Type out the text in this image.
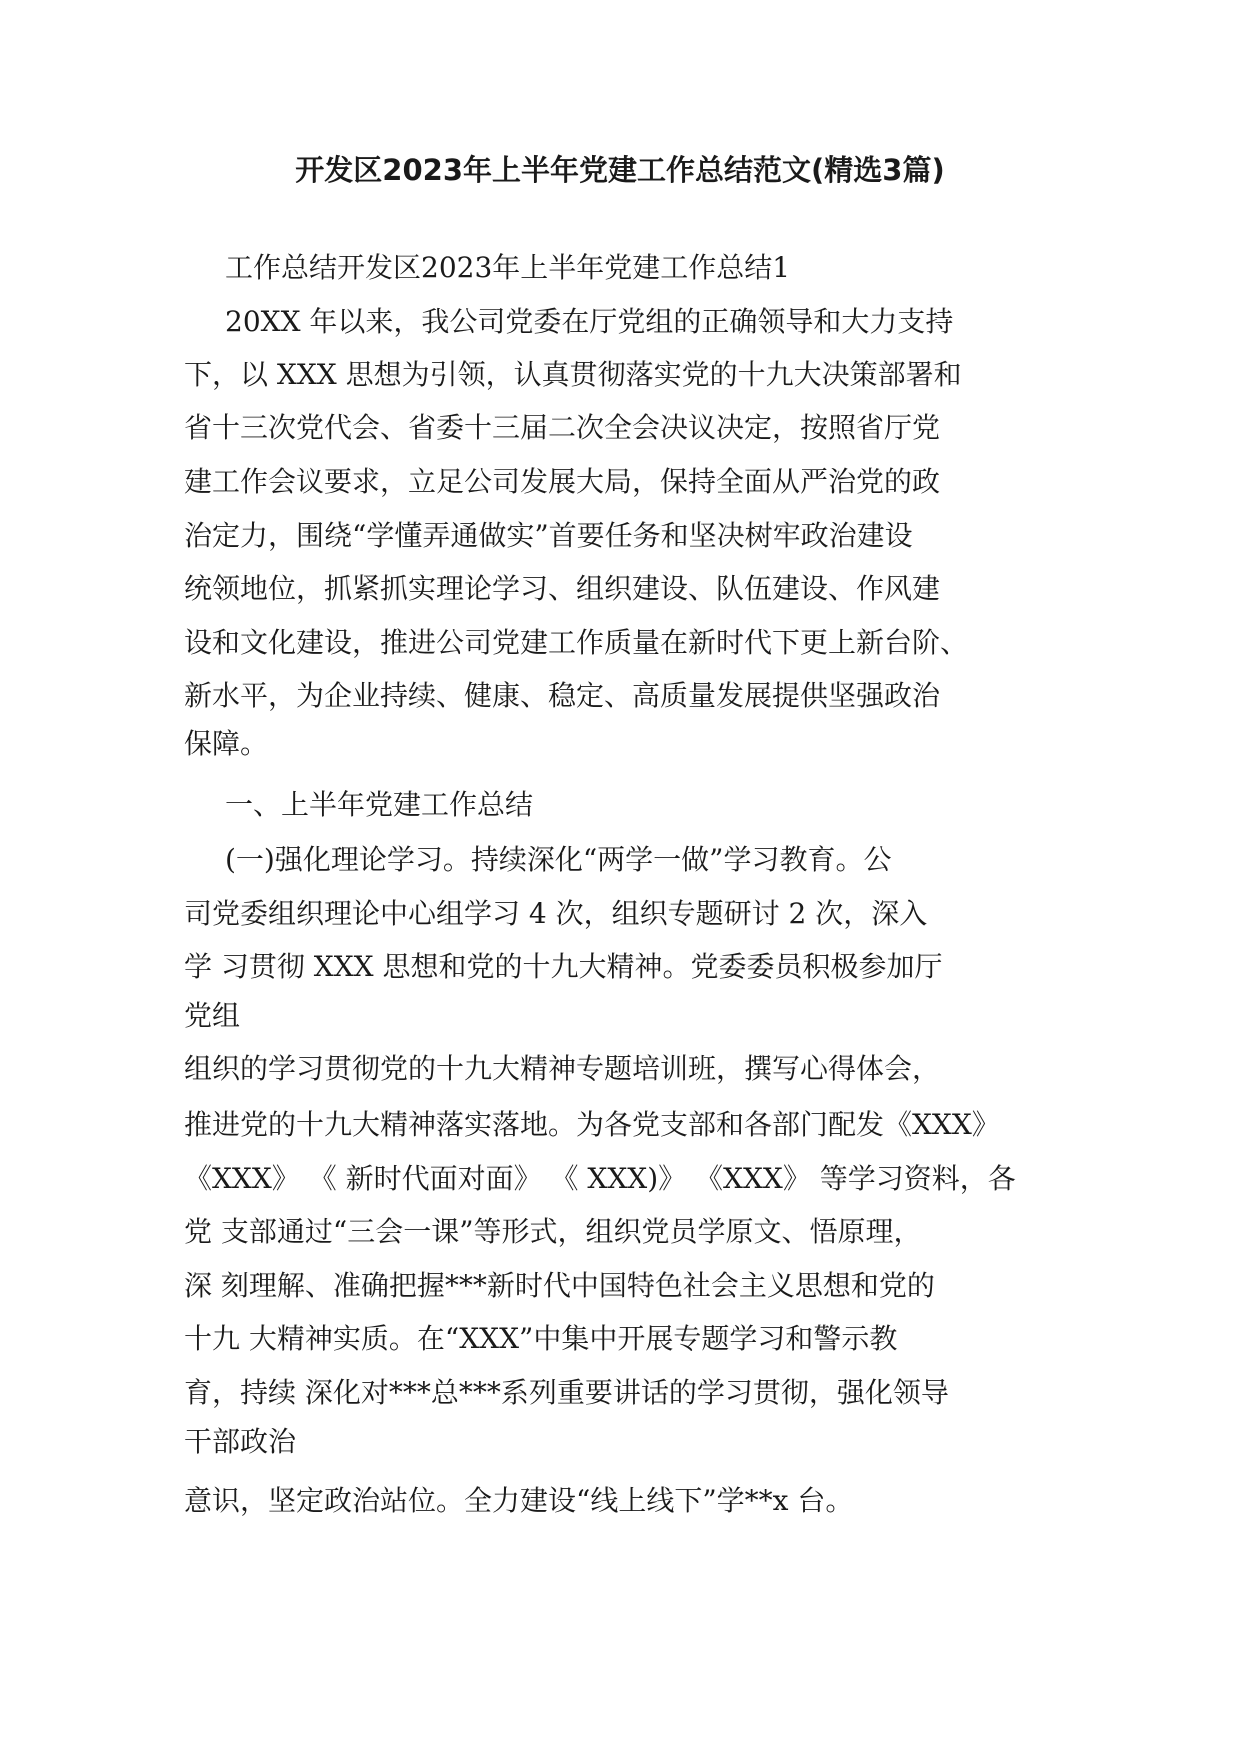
开发区2023年上半年党建工作总结范文(精选3篇)
工作总结开发区2023年上半年党建工作总结1
20XX 年以来，我公司党委在厅党组的正确领导和大力支持
下，以 XXX 思想为引领，认真贯彻落实党的十九大决策部署和
省十三次党代会、省委十三届二次全会决议决定，按照省厅党
建工作会议要求，立足公司发展大局，保持全面从严治党的政
治定力，围绕“学懂弄通做实”首要任务和坚决树牢政治建设
统领地位，抓紧抓实理论学习、组织建设、队伍建设、作风建
设和文化建设，推进公司党建工作质量在新时代下更上新台阶、
新水平，为企业持续、健康、稳定、高质量发展提供坚强政治
保障。
一、上半年党建工作总结
(一)强化理论学习。持续深化“两学一做”学习教育。公
司党委组织理论中心组学习 4 次，组织专题研讨 2 次，深入
学 习贯彻 XXX 思想和党的十九大精神。党委委员积极参加厅
党组
组织的学习贯彻党的十九大精神专题培训班，撰写心得体会，
推进党的十九大精神落实落地。为各党支部和各部门配发《XXX》
《XXX》 《 新时代面对面》 《 XXX)》 《XXX》 等学习资料，各
党 支部通过“三会一课”等形式，组织党员学原文、悟原理，
深 刻理解、准确把握***新时代中国特色社会主义思想和党的
十九 大精神实质。在“XXX”中集中开展专题学习和警示教
育，持续 深化对***总***系列重要讲话的学习贯彻，强化领导
干部政治
意识，坚定政治站位。全力建设“线上线下”学**x 台。
